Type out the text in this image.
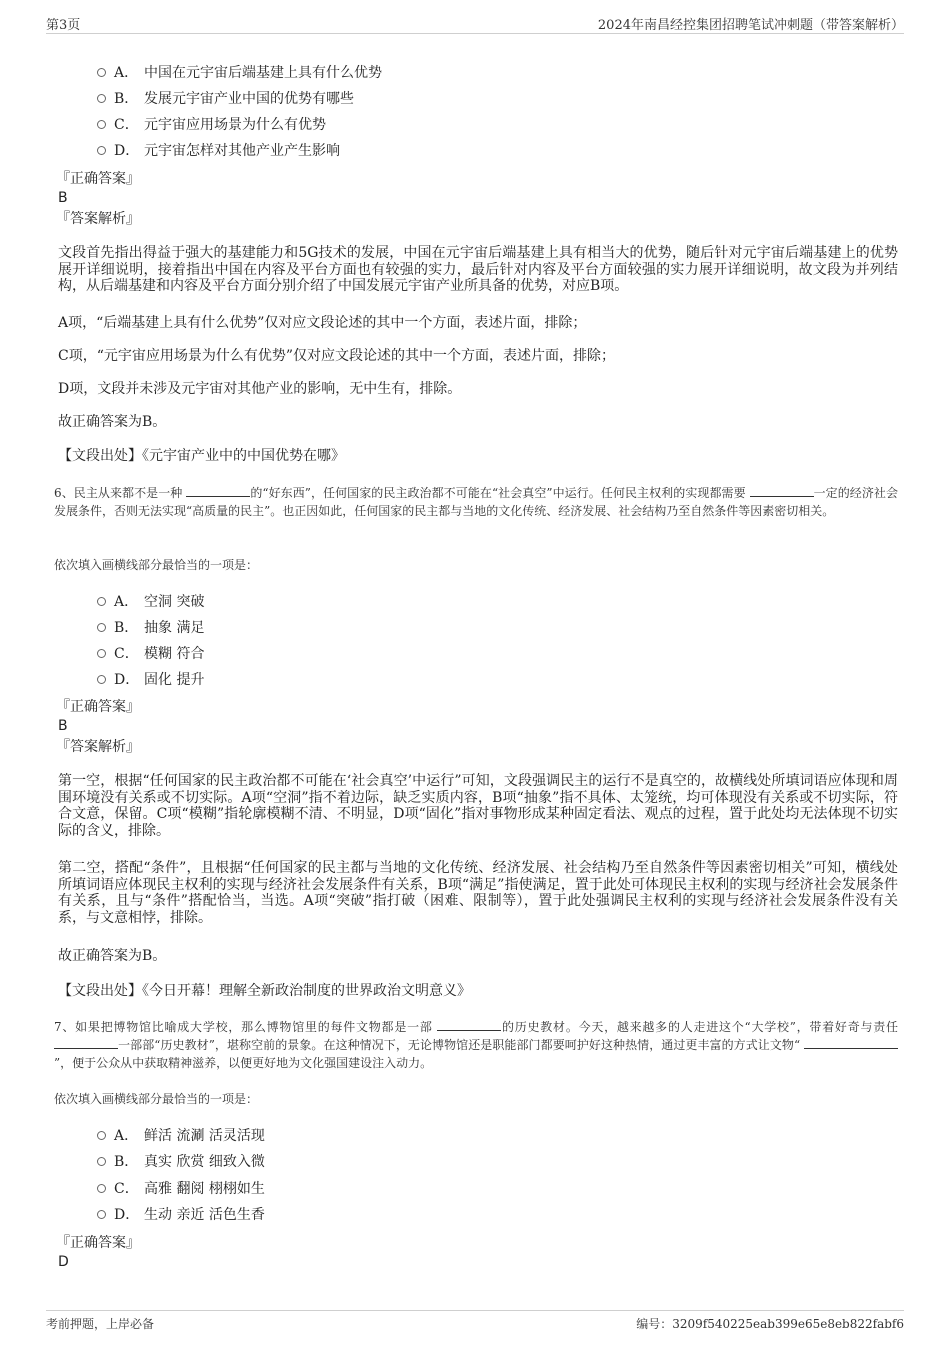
第3页	2024年南昌经控集团招聘笔试冲刺题（带答案解析）
A． 中国在元宇宙后端基建上具有什么优势
B． 发展元宇宙产业中国的优势有哪些
C． 元宇宙应用场景为什么有优势
D． 元宇宙怎样对其他产业产生影响
『正确答案』
B
『答案解析』
文段首先指出得益于强大的基建能力和5G技术的发展，中国在元宇宙后端基建上具有相当大的优势，随后针对元宇宙后端基建上的优势展开详细说明，接着指出中国在内容及平台方面也有较强的实力，最后针对内容及平台方面较强的实力展开详细说明，故文段为并列结构，从后端基建和内容及平台方面分别介绍了中国发展元宇宙产业所具备的优势，对应B项。
A项，“后端基建上具有什么优势”仅对应文段论述的其中一个方面，表述片面，排除；
C项，“元宇宙应用场景为什么有优势”仅对应文段论述的其中一个方面，表述片面，排除；
D项，文段并未涉及元宇宙对其他产业的影响，无中生有，排除。
故正确答案为B。
【文段出处】《元宇宙产业中的中国优势在哪》
6、民主从来都不是一种	的“好东西”，任何国家的民主政治都不可能在“社会真空”中运行。任何民主权利的实现都需要	一定的经济社会发展条件，否则无法实现“高质量的民主”。也正因如此，任何国家的民主都与当地的文化传统、经济发展、社会结构乃至自然条件等因素密切相关。
依次填入画横线部分最恰当的一项是：
A． 空洞 突破
B． 抽象 满足
C． 模糊 符合
D． 固化 提升
『正确答案』
B
『答案解析』
第一空，根据“任何国家的民主政治都不可能在‘社会真空’中运行”可知，文段强调民主的运行不是真空的，故横线处所填词语应体现和周围环境没有关系或不切实际。A项“空洞”指不着边际，缺乏实质内容，B项“抽象”指不具体、太笼统，均可体现没有关系或不切实际，符合文意，保留。C项“模糊”指轮廓模糊不清、不明显，D项“固化”指对事物形成某种固定看法、观点的过程，置于此处均无法体现不切实际的含义，排除。
第二空，搭配“条件”，且根据“任何国家的民主都与当地的文化传统、经济发展、社会结构乃至自然条件等因素密切相关”可知，横线处所填词语应体现民主权利的实现与经济社会发展条件有关系，B项“满足”指使满足，置于此处可体现民主权利的实现与经济社会发展条件有关系，且与“条件”搭配恰当，当选。A项“突破”指打破（困难、限制等），置于此处强调民主权利的实现与经济社会发展条件没有关系，与文意相悖，排除。
故正确答案为B。
【文段出处】《今日开幕！理解全新政治制度的世界政治文明意义》
7、如果把博物馆比喻成大学校，那么博物馆里的每件文物都是一部	的历史教材。今天，越来越多的人走进这个“大学校”，带着好奇与责任 一部部“历史教材”，堪称空前的景象。在这种情况下，无论博物馆还是职能部门都要呵护好这种热情，通过更丰富的方式让文物“ ”，便于公众从中获取精神滋养，以便更好地为文化强国建设注入动力。
依次填入画横线部分最恰当的一项是：
A． 鲜活 流涮 活灵活现
B． 真实 欣赏 细致入微
C． 高雅 翻阅 栩栩如生
D． 生动 亲近 活色生香
『正确答案』
D
考前押题，上岸必备	编号：3209f540225eab399e65e8eb822fabf6
